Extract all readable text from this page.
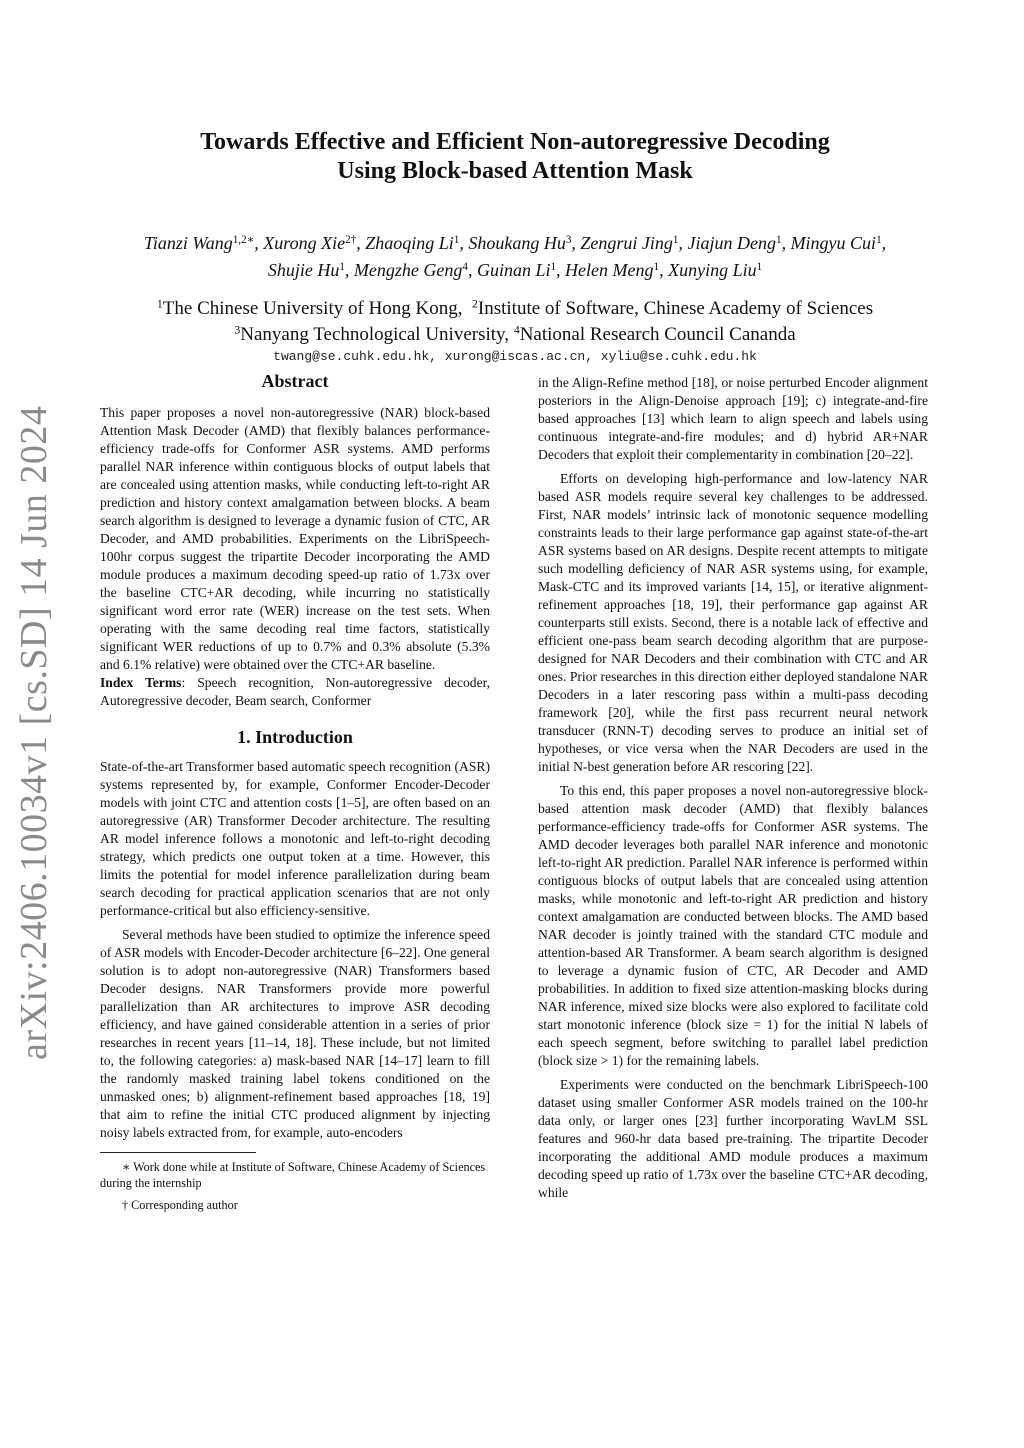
arXiv:2406.10034v1 [cs.SD] 14 Jun 2024
Towards Effective and Efficient Non-autoregressive Decoding
Using Block-based Attention Mask
Tianzi Wang$^{1,2∗}$, Xurong Xie$^{2\dagger}$, Zhaoqing Li$^1$, Shoukang Hu$^3$, Zengrui Jing$^1$, Jiajun Deng$^1$, Mingyu Cui$^1$,
Shujie Hu$^1$, Mengzhe Geng$^4$, Guinan Li$^1$, Helen Meng$^1$, Xunying Liu$^1$
$^1$The Chinese University of Hong Kong, $^2$Institute of Software, Chinese Academy of Sciences
$^3$Nanyang Technological University, $^4$National Research Council Cananda
twang@se.cuhk.edu.hk, xurong@iscas.ac.cn, xyliu@se.cuhk.edu.hk
Abstract

This paper proposes a novel non-autoregressive (NAR) block-based Attention Mask Decoder (AMD) that flexibly balances performance-efficiency trade-offs for Conformer ASR systems. AMD performs parallel NAR inference within contiguous blocks of output labels that are concealed using attention masks, while conducting left-to-right AR prediction and history context amalgamation between blocks. A beam search algorithm is designed to leverage a dynamic fusion of CTC, AR Decoder, and AMD probabilities. Experiments on the LibriSpeech-100hr corpus suggest the tripartite Decoder incorporating the AMD module produces a maximum decoding speed-up ratio of 1.73x over the baseline CTC+AR decoding, while incurring no statistically significant word error rate (WER) increase on the test sets. When operating with the same decoding real time factors, statistically significant WER reductions of up to 0.7% and 0.3% absolute (5.3% and 6.1% relative) were obtained over the CTC+AR baseline.

Index Terms: Speech recognition, Non-autoregressive decoder, Autoregressive decoder, Beam search, Conformer

1. Introduction

State-of-the-art Transformer based automatic speech recognition (ASR) systems represented by, for example, Conformer Encoder-Decoder models with joint CTC and attention costs [1–5], are often based on an autoregressive (AR) Transformer Decoder architecture. The resulting AR model inference follows a monotonic and left-to-right decoding strategy, which predicts one output token at a time. However, this limits the potential for model inference parallelization during beam search decoding for practical application scenarios that are not only performance-critical but also efficiency-sensitive.

Several methods have been studied to optimize the inference speed of ASR models with Encoder-Decoder architecture [6–22]. One general solution is to adopt non-autoregressive (NAR) Transformers based Decoder designs. NAR Transformers provide more powerful parallelization than AR architectures to improve ASR decoding efficiency, and have gained considerable attention in a series of prior researches in recent years [11–14, 18]. These include, but not limited to, the following categories: a) mask-based NAR [14–17] learn to fill the randomly masked training label tokens conditioned on the unmasked ones; b) alignment-refinement based approaches [18, 19] that aim to refine the initial CTC produced alignment by injecting noisy labels extracted from, for example, auto-encoders

∗ Work done while at Institute of Software, Chinese Academy of Sciences during the internship

† Corresponding author

in the Align-Refine method [18], or noise perturbed Encoder alignment posteriors in the Align-Denoise approach [19]; c) integrate-and-fire based approaches [13] which learn to align speech and labels using continuous integrate-and-fire modules; and d) hybrid AR+NAR Decoders that exploit their complementarity in combination [20–22].

Efforts on developing high-performance and low-latency NAR based ASR models require several key challenges to be addressed. First, NAR models’ intrinsic lack of monotonic sequence modelling constraints leads to their large performance gap against state-of-the-art ASR systems based on AR designs. Despite recent attempts to mitigate such modelling deficiency of NAR ASR systems using, for example, Mask-CTC and its improved variants [14, 15], or iterative alignment-refinement approaches [18, 19], their performance gap against AR counterparts still exists. Second, there is a notable lack of effective and efficient one-pass beam search decoding algorithm that are purpose-designed for NAR Decoders and their combination with CTC and AR ones. Prior researches in this direction either deployed standalone NAR Decoders in a later rescoring pass within a multi-pass decoding framework [20], while the first pass recurrent neural network transducer (RNN-T) decoding serves to produce an initial set of hypotheses, or vice versa when the NAR Decoders are used in the initial N-best generation before AR rescoring [22].

To this end, this paper proposes a novel non-autoregressive block-based attention mask decoder (AMD) that flexibly balances performance-efficiency trade-offs for Conformer ASR systems. The AMD decoder leverages both parallel NAR inference and monotonic left-to-right AR prediction. Parallel NAR inference is performed within contiguous blocks of output labels that are concealed using attention masks, while monotonic and left-to-right AR prediction and history context amalgamation are conducted between blocks. The AMD based NAR decoder is jointly trained with the standard CTC module and attention-based AR Transformer. A beam search algorithm is designed to leverage a dynamic fusion of CTC, AR Decoder and AMD probabilities. In addition to fixed size attention-masking blocks during NAR inference, mixed size blocks were also explored to facilitate cold start monotonic inference (block size = 1) for the initial N labels of each speech segment, before switching to parallel label prediction (block size > 1) for the remaining labels.

Experiments were conducted on the benchmark LibriSpeech-100 dataset using smaller Conformer ASR models trained on the 100-hr data only, or larger ones [23] further incorporating WavLM SSL features and 960-hr data based pre-training. The tripartite Decoder incorporating the additional AMD module produces a maximum decoding speed up ratio of 1.73x over the baseline CTC+AR decoding, while
